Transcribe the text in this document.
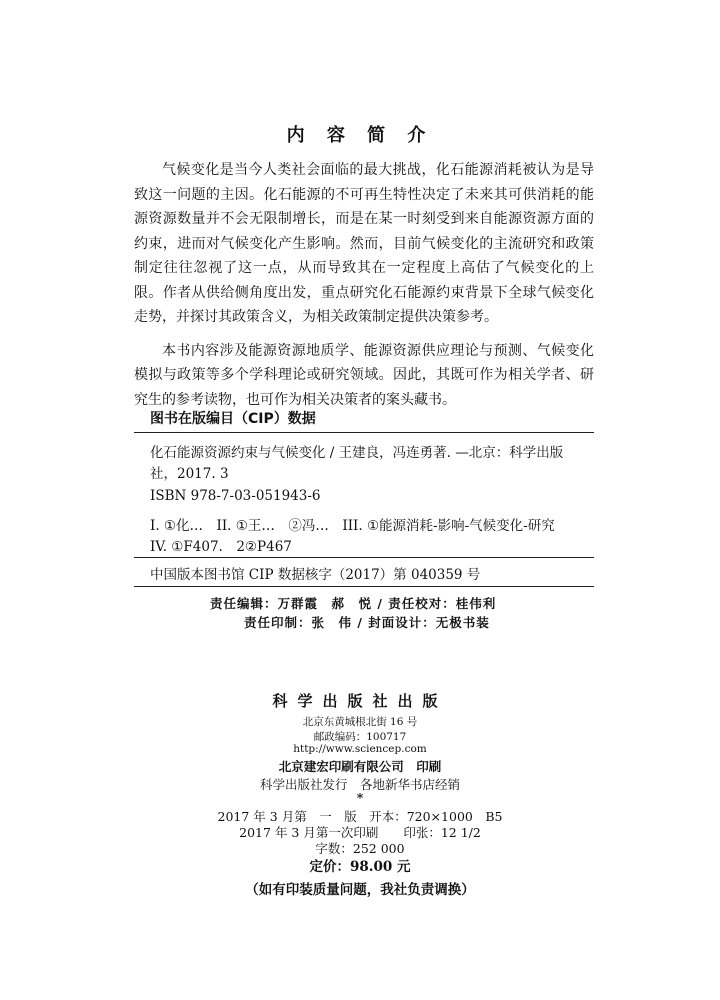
内 容 简 介

气候变化是当今人类社会面临的最大挑战，化石能源消耗被认为是导致这一问题的主因。化石能源的不可再生特性决定了未来其可供消耗的能源资源数量并不会无限制增长，而是在某一时刻受到来自能源资源方面的约束，进而对气候变化产生影响。然而，目前气候变化的主流研究和政策制定往往忽视了这一点，从而导致其在一定程度上高估了气候变化的上限。作者从供给侧角度出发，重点研究化石能源约束背景下全球气候变化走势，并探讨其政策含义，为相关政策制定提供决策参考。

本书内容涉及能源资源地质学、能源资源供应理论与预测、气候变化模拟与政策等多个学科理论或研究领域。因此，其既可作为相关学者、研究生的参考读物，也可作为相关决策者的案头藏书。

图书在版编目（CIP）数据
化石能源资源约束与气候变化 / 王建良，冯连勇著. —北京：科学出版
社，2017. 3
ISBN 978-7-03-051943-6
I. ①化…　II. ①王…　②冯…　III. ①能源消耗-影响-气候变化-研究
IV. ①F407.　2②P467
中国版本图书馆 CIP 数据核字（2017）第 040359 号
责任编辑：万群霞　郝　悦 / 责任校对：桂伟利
责任印制：张　伟 / 封面设计：无极书装
科学出版社出版
北京东黄城根北街 16 号
邮政编码：100717
http://www.sciencep.com
北京建宏印刷有限公司　印刷
科学出版社发行　各地新华书店经销
*
2017 年 3 月第　一　版　开本：720×1000　B5
2017 年 3 月第一次印刷　　印张：12 1/2
字数：252 000
定价：98.00 元
（如有印装质量问题，我社负责调换）
